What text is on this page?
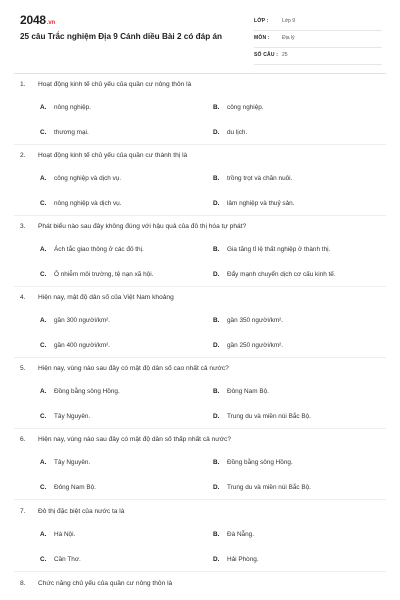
2048.vn
25 câu Trắc nghiệm Địa 9 Cánh diều Bài 2 có đáp án
LỚP :	Lớp 9
MÔN : Địa lý
SỐ CÂU : 25
1. Hoạt động kinh tế chủ yếu của quần cư nông thôn là
A. nông nghiệp.	B. công nghiệp.
C. thương mại.	D. du lịch.
2. Hoạt động kinh tế chủ yếu của quần cư thành thị là
A. công nghiệp và dịch vụ.	B. trồng trọt và chăn nuôi.
C. nông nghiệp và dịch vụ.	D. lâm nghiệp và thuỷ sản.
3. Phát biểu nào sau đây không đúng với hậu quả của đô thị hóa tự phát?
A. Ách tắc giao thông ở các đô thị.	B. Gia tăng tỉ lệ thất nghiệp ở thành thị.
C. Ô nhiễm môi trường, tệ nạn xã hội.	D. Đẩy mạnh chuyển dịch cơ cấu kinh tế.
4. Hiện nay, mật độ dân số của Việt Nam khoảng
A. gần 300 người/km².	B. gần 350 người/km².
C. gần 400 người/km².	D. gần 250 người/km².
5. Hiện nay, vùng nào sau đây có mật độ dân số cao nhất cả nước?
A. Đồng bằng sông Hồng.	B. Đông Nam Bộ.
C. Tây Nguyên.	D. Trung du và miền núi Bắc Bộ.
6. Hiện nay, vùng nào sau đây có mật độ dân số thấp nhất cả nước?
A. Tây Nguyên.	B. Đồng bằng sông Hồng.
C. Đông Nam Bộ.	D. Trung du và miền núi Bắc Bộ.
7. Đô thị đặc biệt của nước ta là
A. Hà Nội.	B. Đà Nẵng.
C. Cần Thơ.	D. Hải Phòng.
8. Chức năng chủ yếu của quần cư nông thôn là
